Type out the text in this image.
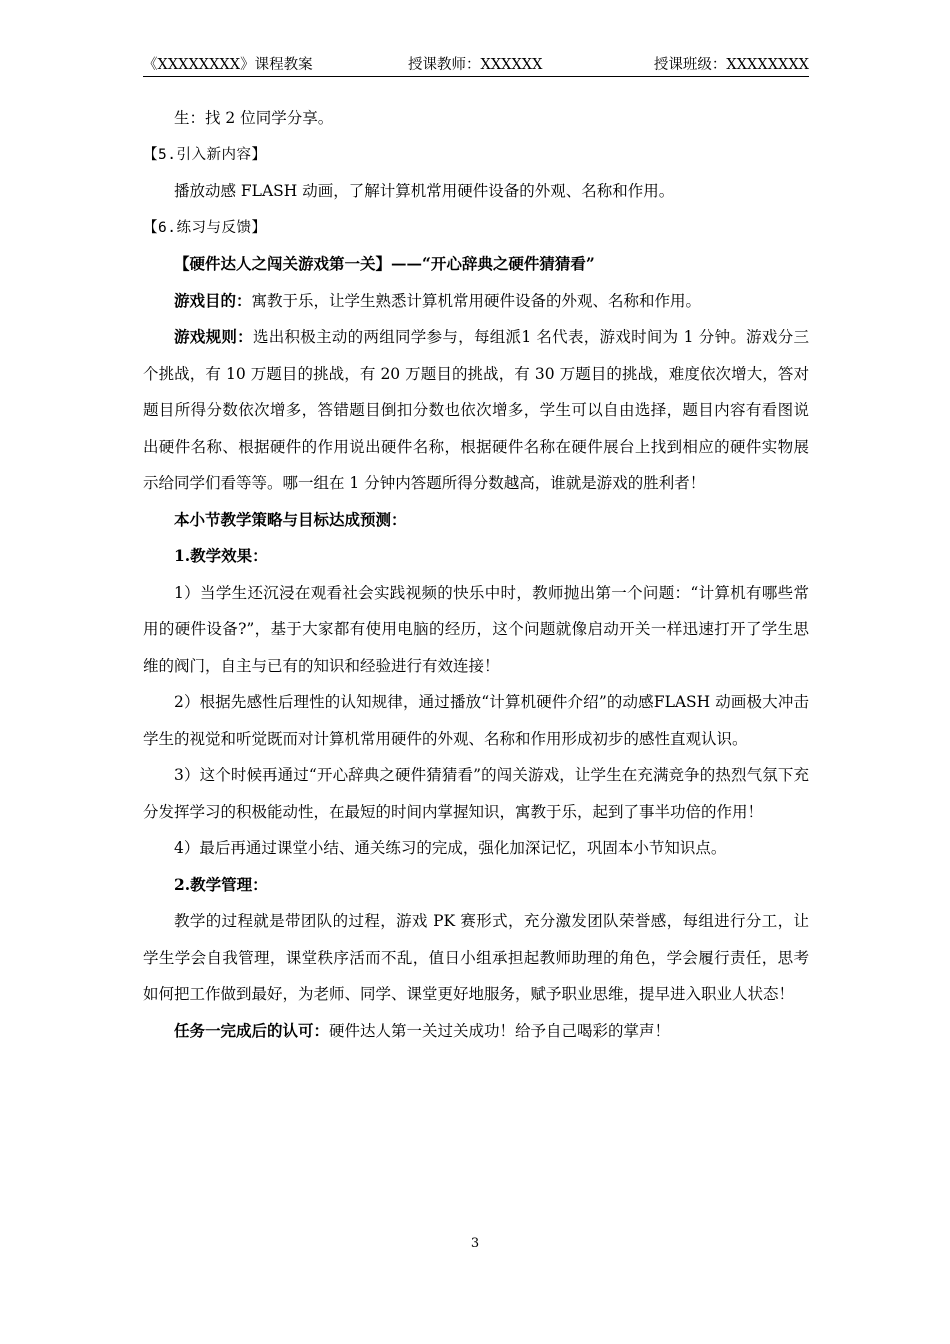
《XXXXXXXX》课程教案	授课教师：XXXXXX	授课班级：XXXXXXXX

生：找 2 位同学分享。

【5.引入新内容】

播放动感 FLASH 动画，了解计算机常用硬件设备的外观、名称和作用。

【6.练习与反馈】

【硬件达人之闯关游戏第一关】——“开心辞典之硬件猜猜看”

游戏目的：寓教于乐，让学生熟悉计算机常用硬件设备的外观、名称和作用。

游戏规则：选出积极主动的两组同学参与，每组派1 名代表，游戏时间为 1 分钟。游戏分三个挑战，有 10 万题目的挑战，有 20 万题目的挑战，有 30 万题目的挑战，难度依次增大，答对题目所得分数依次增多，答错题目倒扣分数也依次增多，学生可以自由选择，题目内容有看图说出硬件名称、根据硬件的作用说出硬件名称，根据硬件名称在硬件展台上找到相应的硬件实物展示给同学们看等等。哪一组在 1 分钟内答题所得分数越高，谁就是游戏的胜利者！

本小节教学策略与目标达成预测：

1.教学效果：

1）当学生还沉浸在观看社会实践视频的快乐中时，教师抛出第一个问题：“计算机有哪些常用的硬件设备?”，基于大家都有使用电脑的经历，这个问题就像启动开关一样迅速打开了学生思维的阀门，自主与已有的知识和经验进行有效连接！

2）根据先感性后理性的认知规律，通过播放“计算机硬件介绍”的动感FLASH 动画极大冲击学生的视觉和听觉既而对计算机常用硬件的外观、名称和作用形成初步的感性直观认识。

3）这个时候再通过“开心辞典之硬件猜猜看”的闯关游戏，让学生在充满竞争的热烈气氛下充分发挥学习的积极能动性，在最短的时间内掌握知识，寓教于乐，起到了事半功倍的作用！

4）最后再通过课堂小结、通关练习的完成，强化加深记忆，巩固本小节知识点。

2.教学管理：

教学的过程就是带团队的过程，游戏 PK 赛形式，充分激发团队荣誉感，每组进行分工，让学生学会自我管理，课堂秩序活而不乱，值日小组承担起教师助理的角色，学会履行责任，思考如何把工作做到最好，为老师、同学、课堂更好地服务，赋予职业思维，提早进入职业人状态！

任务一完成后的认可：硬件达人第一关过关成功！给予自己喝彩的掌声！

3
